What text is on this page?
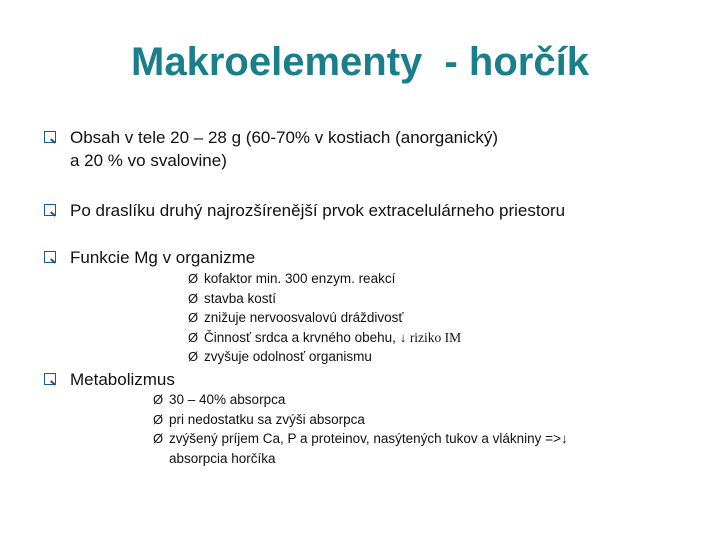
Makroelementy  - horčík
Obsah v tele 20 – 28 g (60-70% v kostiach (anorganický)
a 20 % vo svalovine)
Po draslíku druhý najrozšírenější prvok extracelulárneho priestoru
Funkcie Mg v organizme
Ø kofaktor min. 300 enzym. reakcí
Ø stavba kostí
Ø znižuje nervoosvalovú dráždivosť
Ø Činnosť srdca a krvného obehu, ↓ riziko IM
Ø zvyšuje odolnosť organismu
Metabolizmus
Ø 30 – 40% absorpca
Ø pri nedostatku sa zvýši absorpca
Ø zvýšený príjem Ca, P a proteinov, nasýtených tukov a vlákniny =>↓
absorpcia horčíka
